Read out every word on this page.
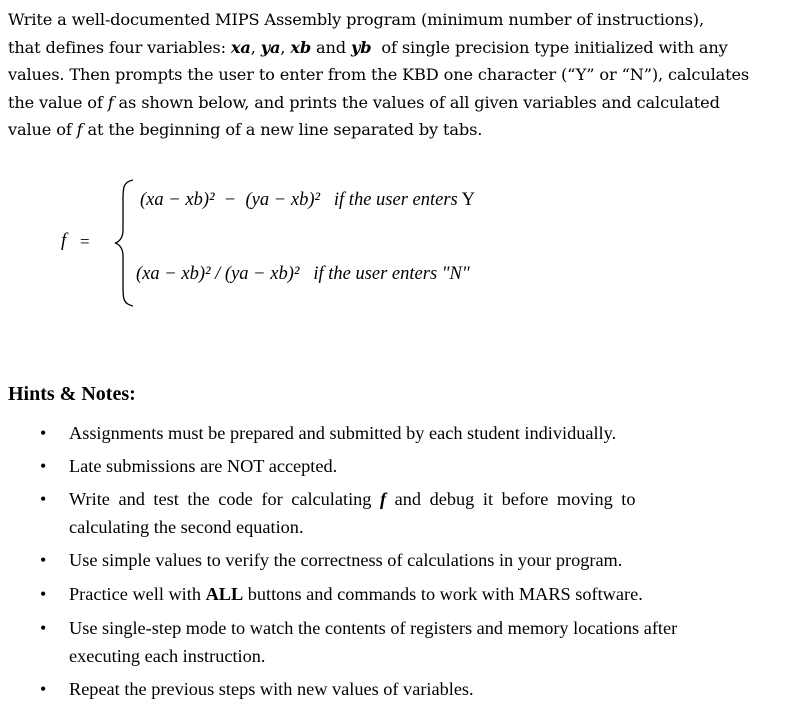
Write a well-documented MIPS Assembly program (minimum number of instructions),
that defines four variables: xa, ya, xb and yb  of single precision type initialized with any
values. Then prompts the user to enter from the KBD one character (“Y” or “N”), calculates
the value of f as shown below, and prints the values of all given variables and calculated
value of f at the beginning of a new line separated by tabs.
f =
(xa − xb)²  −  (ya − xb)²   if the user enters Y
(xa − xb)² / (ya − xb)²   if the user enters "N"
Hints & Notes:
• Assignments must be prepared and submitted by each student individually.
• Late submissions are NOT accepted.
• Write and test the code for calculating f and debug it before moving to
calculating the second equation.
• Use simple values to verify the correctness of calculations in your program.
• Practice well with ALL buttons and commands to work with MARS software.
• Use single-step mode to watch the contents of registers and memory locations after
executing each instruction.
• Repeat the previous steps with new values of variables.
